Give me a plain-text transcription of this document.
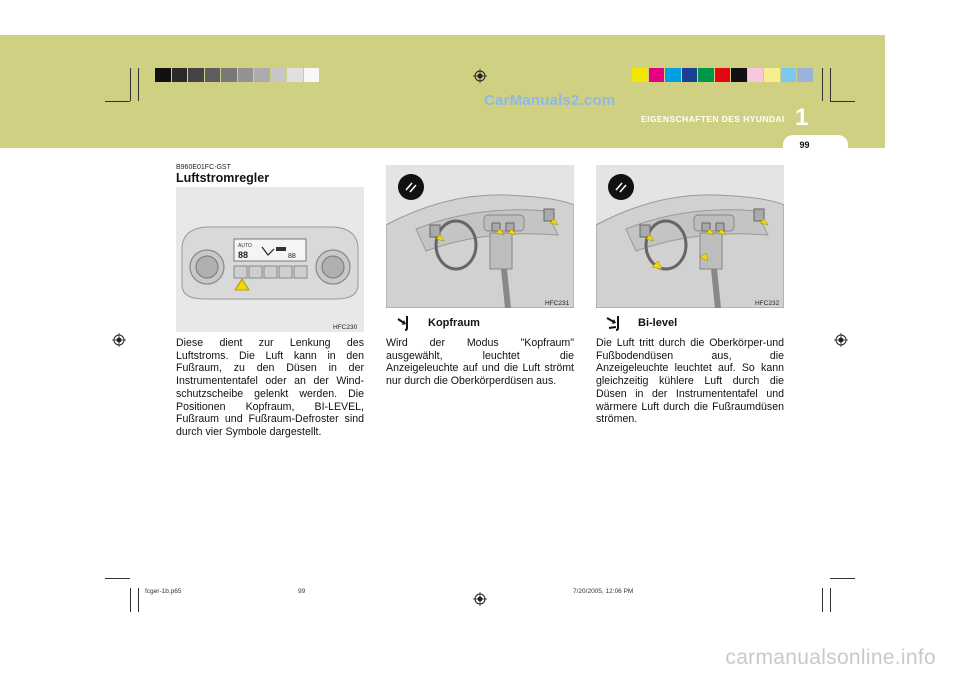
CarManuals2.com
EIGENSCHAFTEN DES HYUNDAI 1
99
B960E01FC-GST
Luftstromregler
AUTO
88	88
HFC230
Diese dient zur Lenkung des Luftstroms. Die Luft kann in den Fußraum, zu den Düsen in der Instrumententafel oder an der Wind-schutzscheibe gelenkt werden. Die Positionen Kopfraum, BI-LEVEL, Fußraum und Fußraum-Defroster sind durch vier Symbole dargestellt.
HFC231
Kopfraum
Wird der Modus "Kopfraum" ausgewählt, leuchtet die Anzeigeleuchte auf und die Luft strömt nur durch die Oberkörperdüsen aus.
HFC232
Bi-level
Die Luft tritt durch die Oberkörper-und Fußbodendüsen aus, die Anzeigeleuchte leuchtet auf. So kann gleichzeitig kühlere Luft durch die Düsen in der Instrumententafel und wärmere Luft durch die Fußraumdüsen strömen.
fcger-1b.p65	99	7/20/2005, 12:06 PM
carmanualsonline.info
